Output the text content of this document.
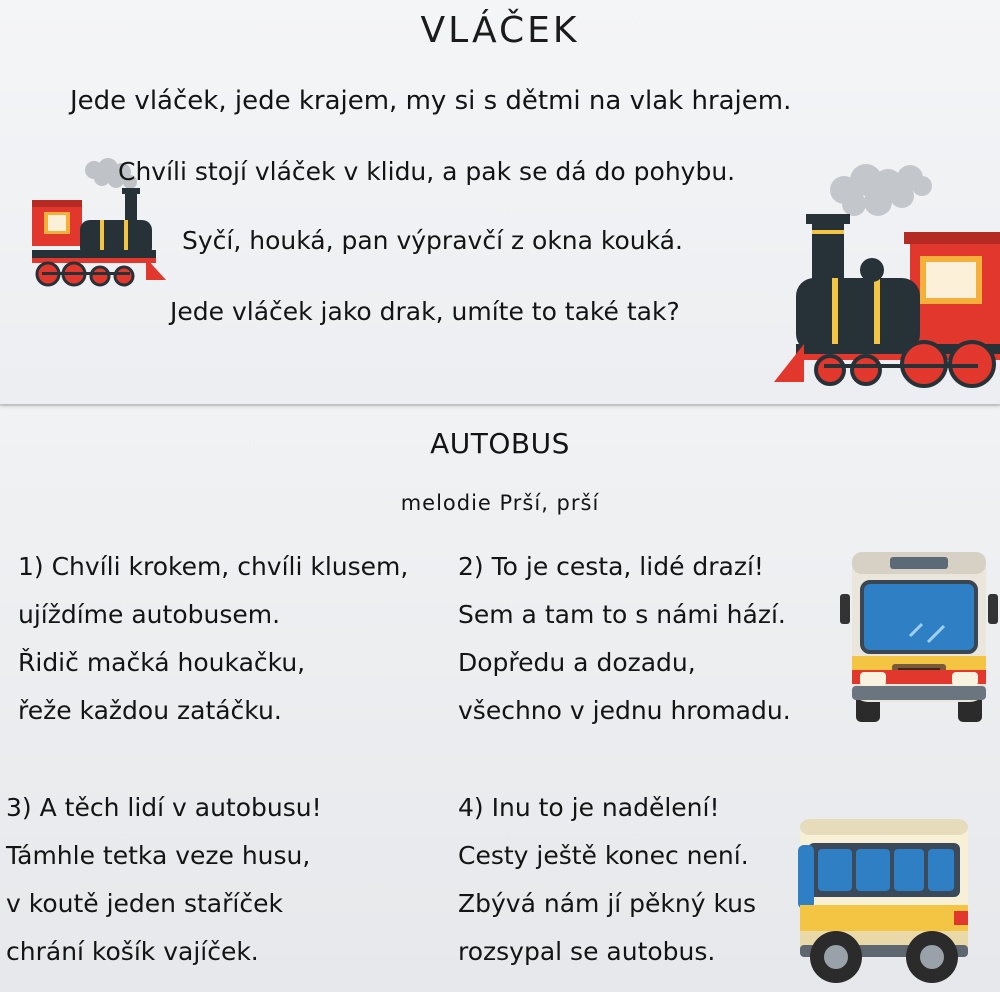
VLÁČEK
Jede vláček, jede krajem, my si s dětmi na vlak hrajem.
Chvíli stojí vláček v klidu, a pak se dá do pohybu.
Syčí, houká, pan výpravčí z okna kouká.
Jede vláček jako drak, umíte to také tak?
AUTOBUS
melodie Prší, prší
1) Chvíli krokem, chvíli klusem,
ujíždíme autobusem.
Řidič mačká houkačku,
řeže každou zatáčku.
2) To je cesta, lidé drazí!
Sem a tam to s námi hází.
Dopředu a dozadu,
všechno v jednu hromadu.
3) A těch lidí v autobusu!
Támhle tetka veze husu,
v koutě jeden staříček
chrání košík vajíček.
4) Inu to je nadělení!
Cesty ještě konec není.
Zbývá nám jí pěkný kus
rozsypal se autobus.
